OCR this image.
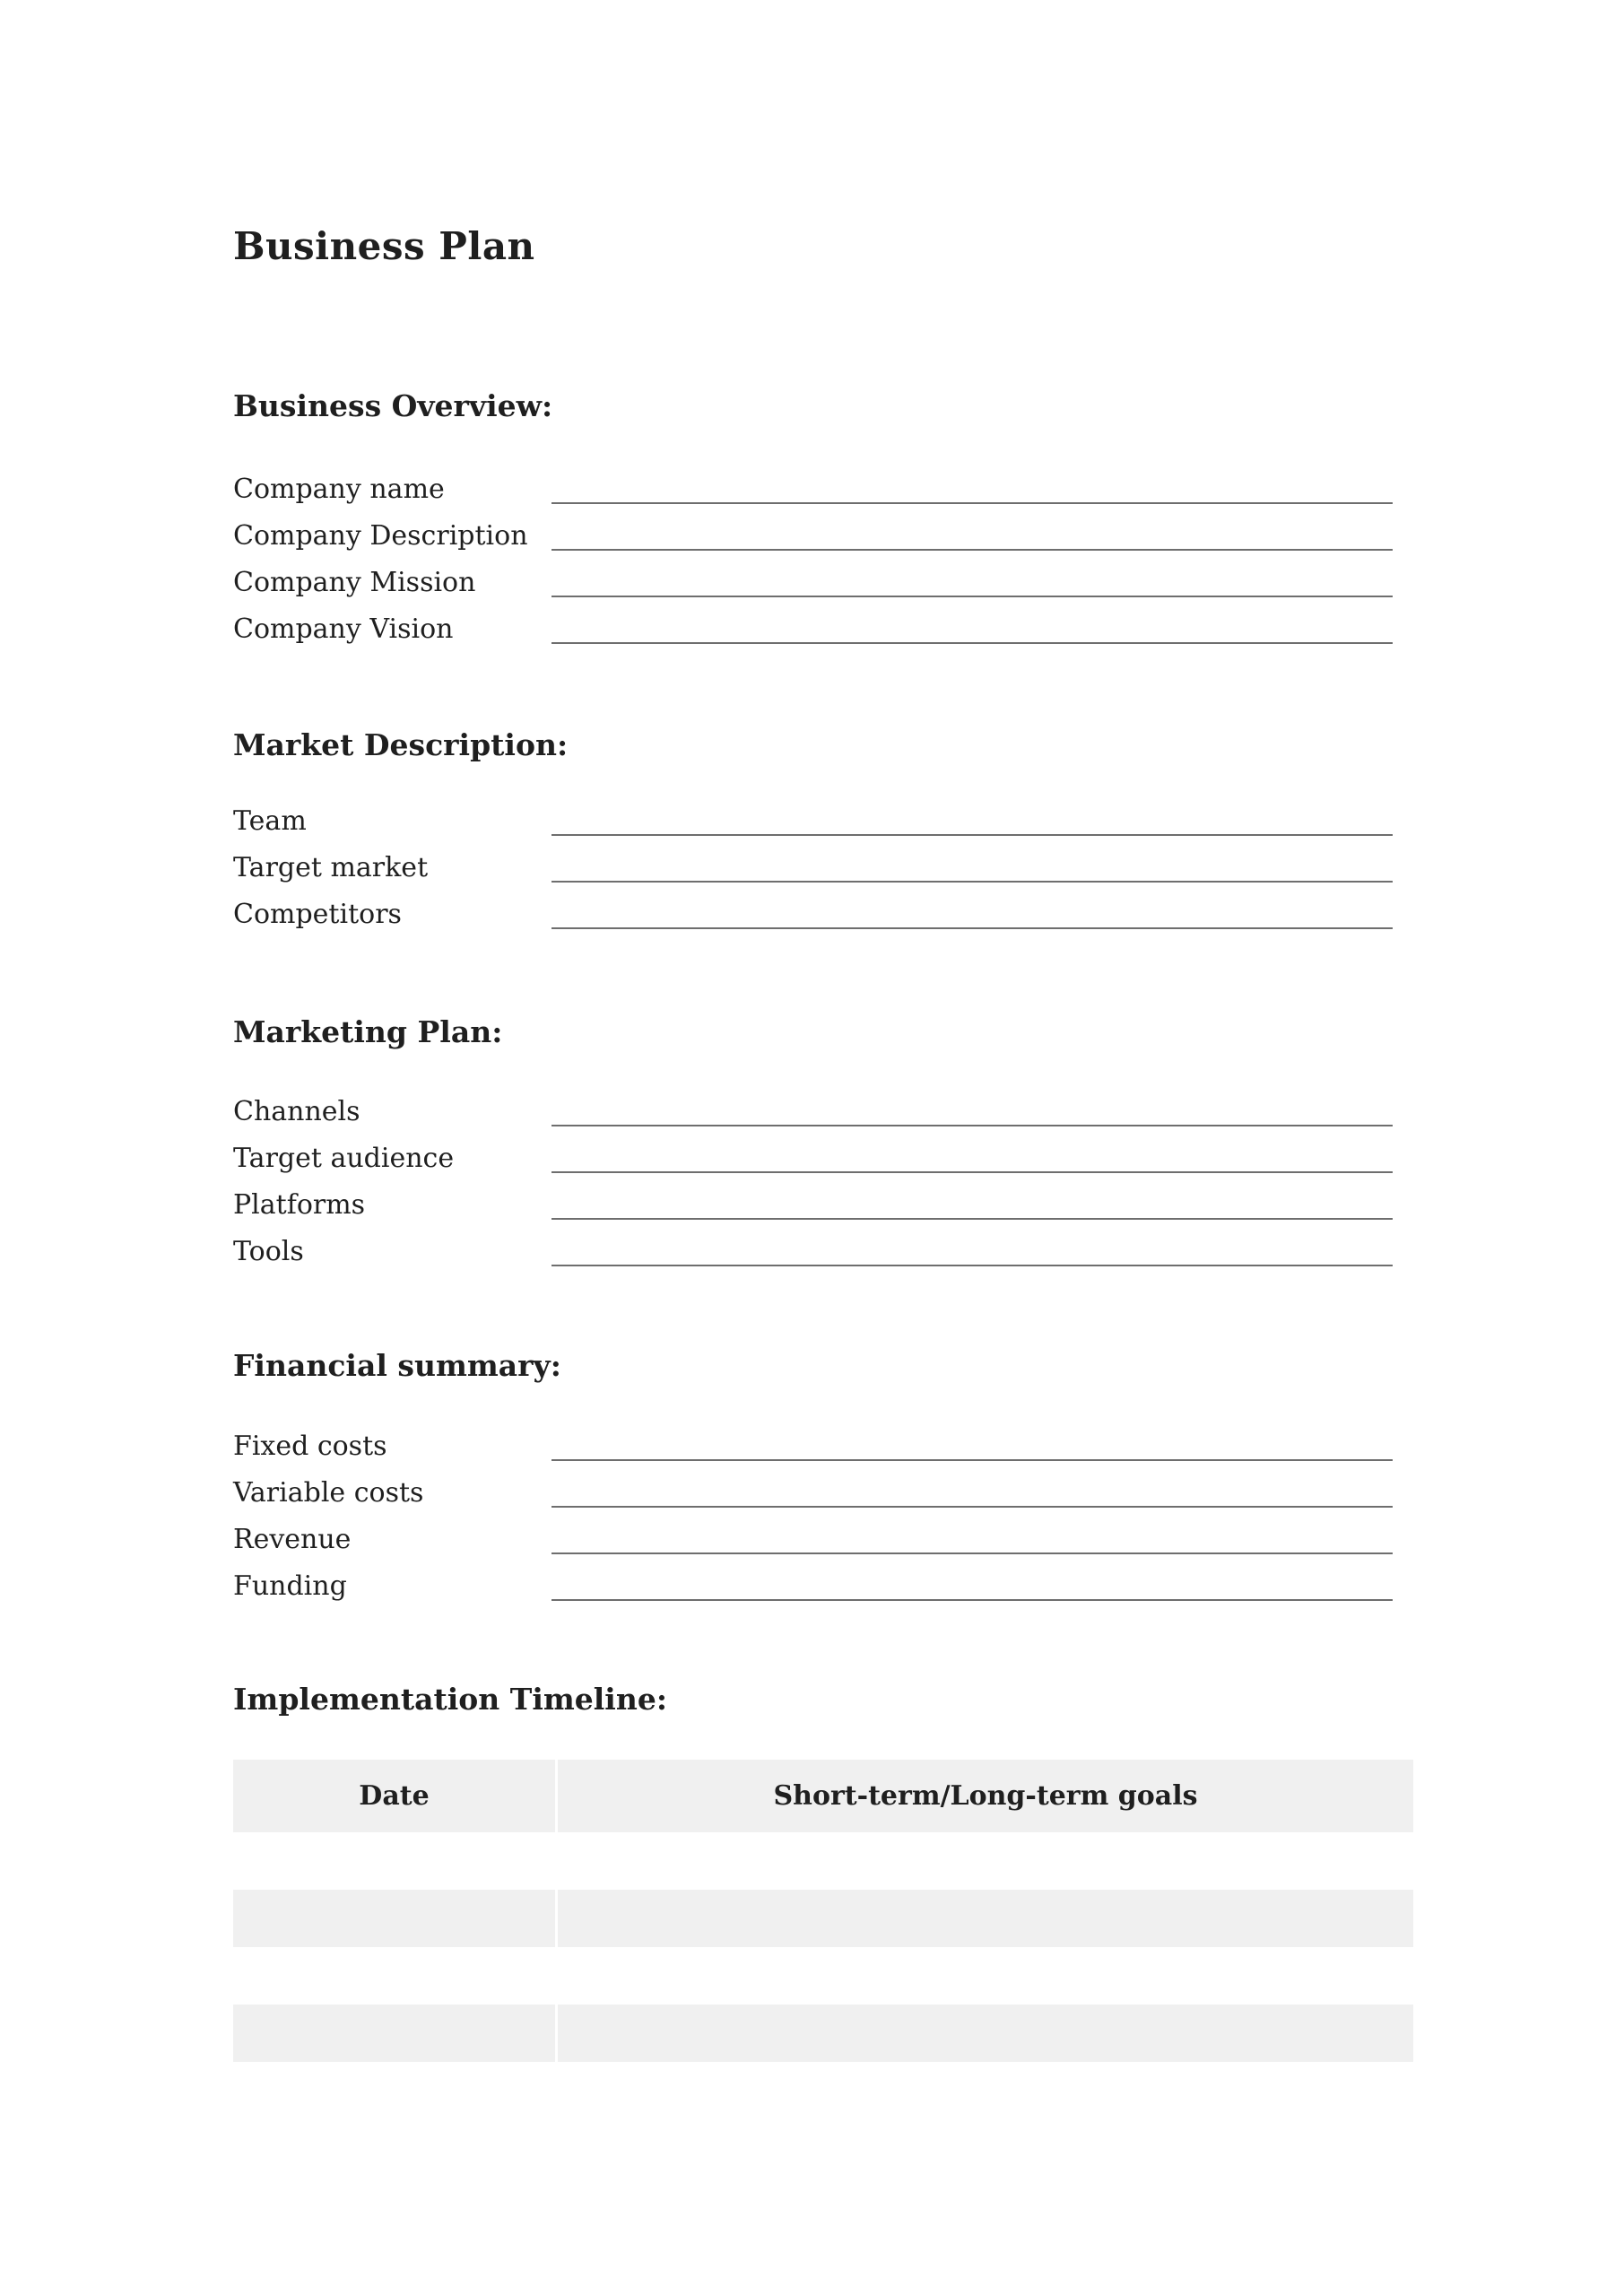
Business Plan
Business Overview:
Company name
Company Description
Company Mission
Company Vision
Market Description:
Team
Target market
Competitors
Marketing Plan:
Channels
Target audience
Platforms
Tools
Financial summary:
Fixed costs
Variable costs
Revenue
Funding
Implementation Timeline:
Date	Short-term/Long-term goals
